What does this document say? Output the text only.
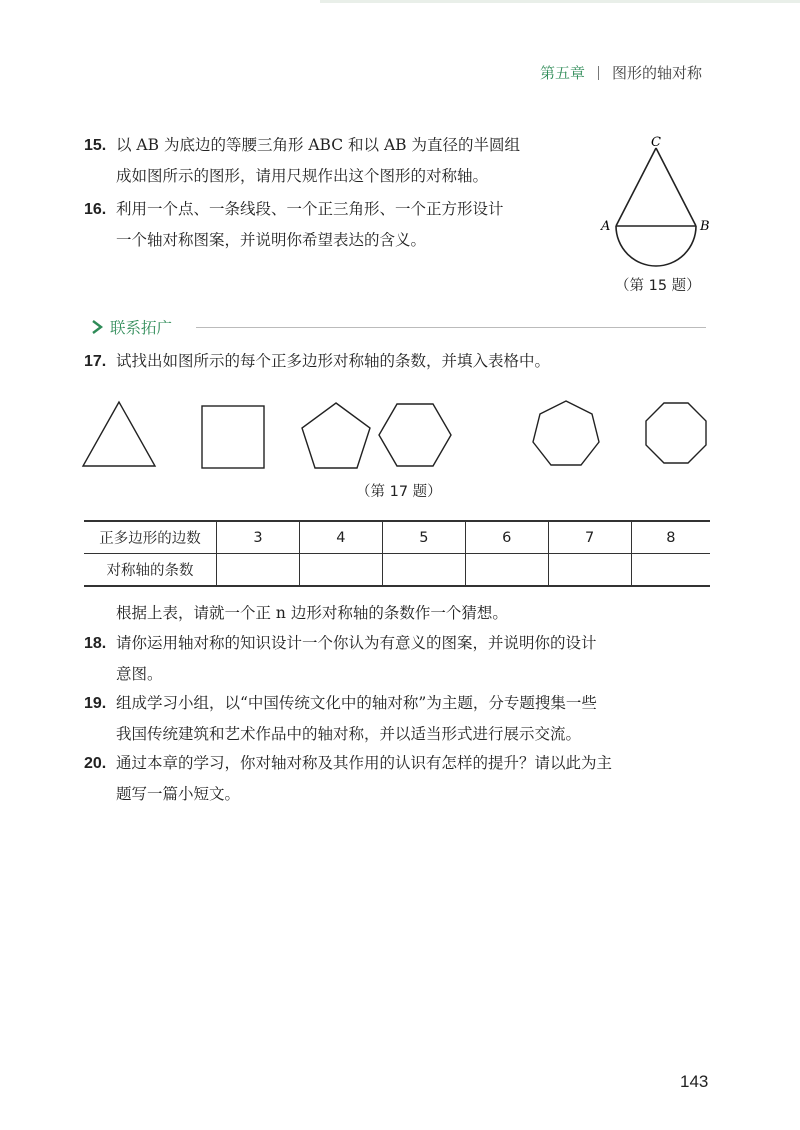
第五章 图形的轴对称
15. 以 AB 为底边的等腰三角形 ABC 和以 AB 为直径的半圆组
成如图所示的图形，请用尺规作出这个图形的对称轴。
16. 利用一个点、一条线段、一个正三角形、一个正方形设计
一个轴对称图案，并说明你希望表达的含义。
C
A	B
（第 15 题）
联系拓广
17. 试找出如图所示的每个正多边形对称轴的条数，并填入表格中。
（第 17 题）
正多边形的边数	3	4	5	6	7	8
对称轴的条数						
根据上表，请就一个正 n 边形对称轴的条数作一个猜想。
18. 请你运用轴对称的知识设计一个你认为有意义的图案，并说明你的设计
意图。
19. 组成学习小组，以“中国传统文化中的轴对称”为主题，分专题搜集一些
我国传统建筑和艺术作品中的轴对称，并以适当形式进行展示交流。
20. 通过本章的学习，你对轴对称及其作用的认识有怎样的提升？请以此为主
题写一篇小短文。
143
